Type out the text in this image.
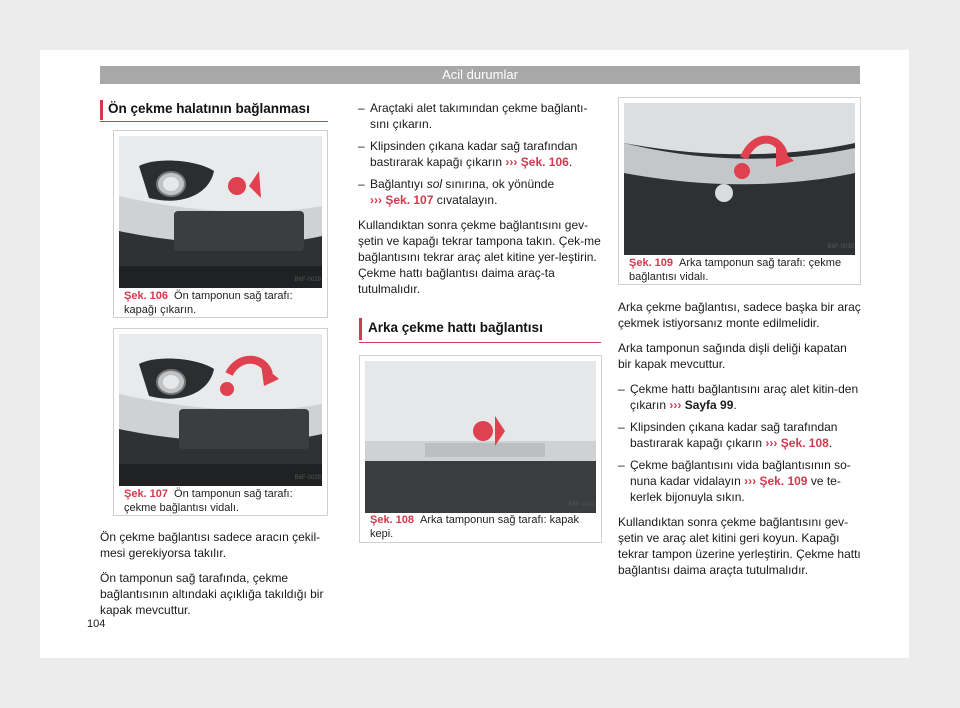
Acil durumlar
Ön çekme halatının bağlanması
B6F-0029
Şek. 106 Ön tamponun sağ tarafı: kapağı çıkarın.
B6F-0028
Şek. 107 Ön tamponun sağ tarafı: çekme bağlantısı vidalı.

Ön çekme bağlantısı sadece aracın çekil-mesi gerekiyorsa takılır.

Ön tamponun sağ tarafında, çekme bağlantısının altındaki açıklığa takıldığı bir kapak mevcuttur.

– Araçtaki alet takımından çekme bağlantı-sını çıkarın.
– Klipsinden çıkana kadar sağ tarafından bastırarak kapağı çıkarın ››› Şek. 106.
– Bağlantıyı sol sınırına, ok yönünde
››› Şek. 107 cıvatalayın.

Kullandıktan sonra çekme bağlantısını gev-şetin ve kapağı tekrar tampona takın. Çek-me bağlantısını tekrar araç alet kitine yer-leştirin. Çekme hattı bağlantısı daima araç-ta tutulmalıdır.

Arka çekme hattı bağlantısı
B6F-0031
Şek. 108 Arka tamponun sağ tarafı: kapak kepi.
B6F-0030
Şek. 109 Arka tamponun sağ tarafı: çekme bağlantısı vidalı.

Arka çekme bağlantısı, sadece başka bir araç çekmek istiyorsanız monte edilmelidir.

Arka tamponun sağında dişli deliği kapatan bir kapak mevcuttur.

– Çekme hattı bağlantısını araç alet kitin-den çıkarın ››› Sayfa 99.
– Klipsinden çıkana kadar sağ tarafından bastırarak kapağı çıkarın ››› Şek. 108.
– Çekme bağlantısını vida bağlantısının so-nuna kadar vidalayın ››› Şek. 109 ve te-kerlek bijonuyla sıkın.

Kullandıktan sonra çekme bağlantısını gev-şetin ve araç alet kitini geri koyun. Kapağı tekrar tampon üzerine yerleştirin. Çekme hattı bağlantısı daima araçta tutulmalıdır.

104
